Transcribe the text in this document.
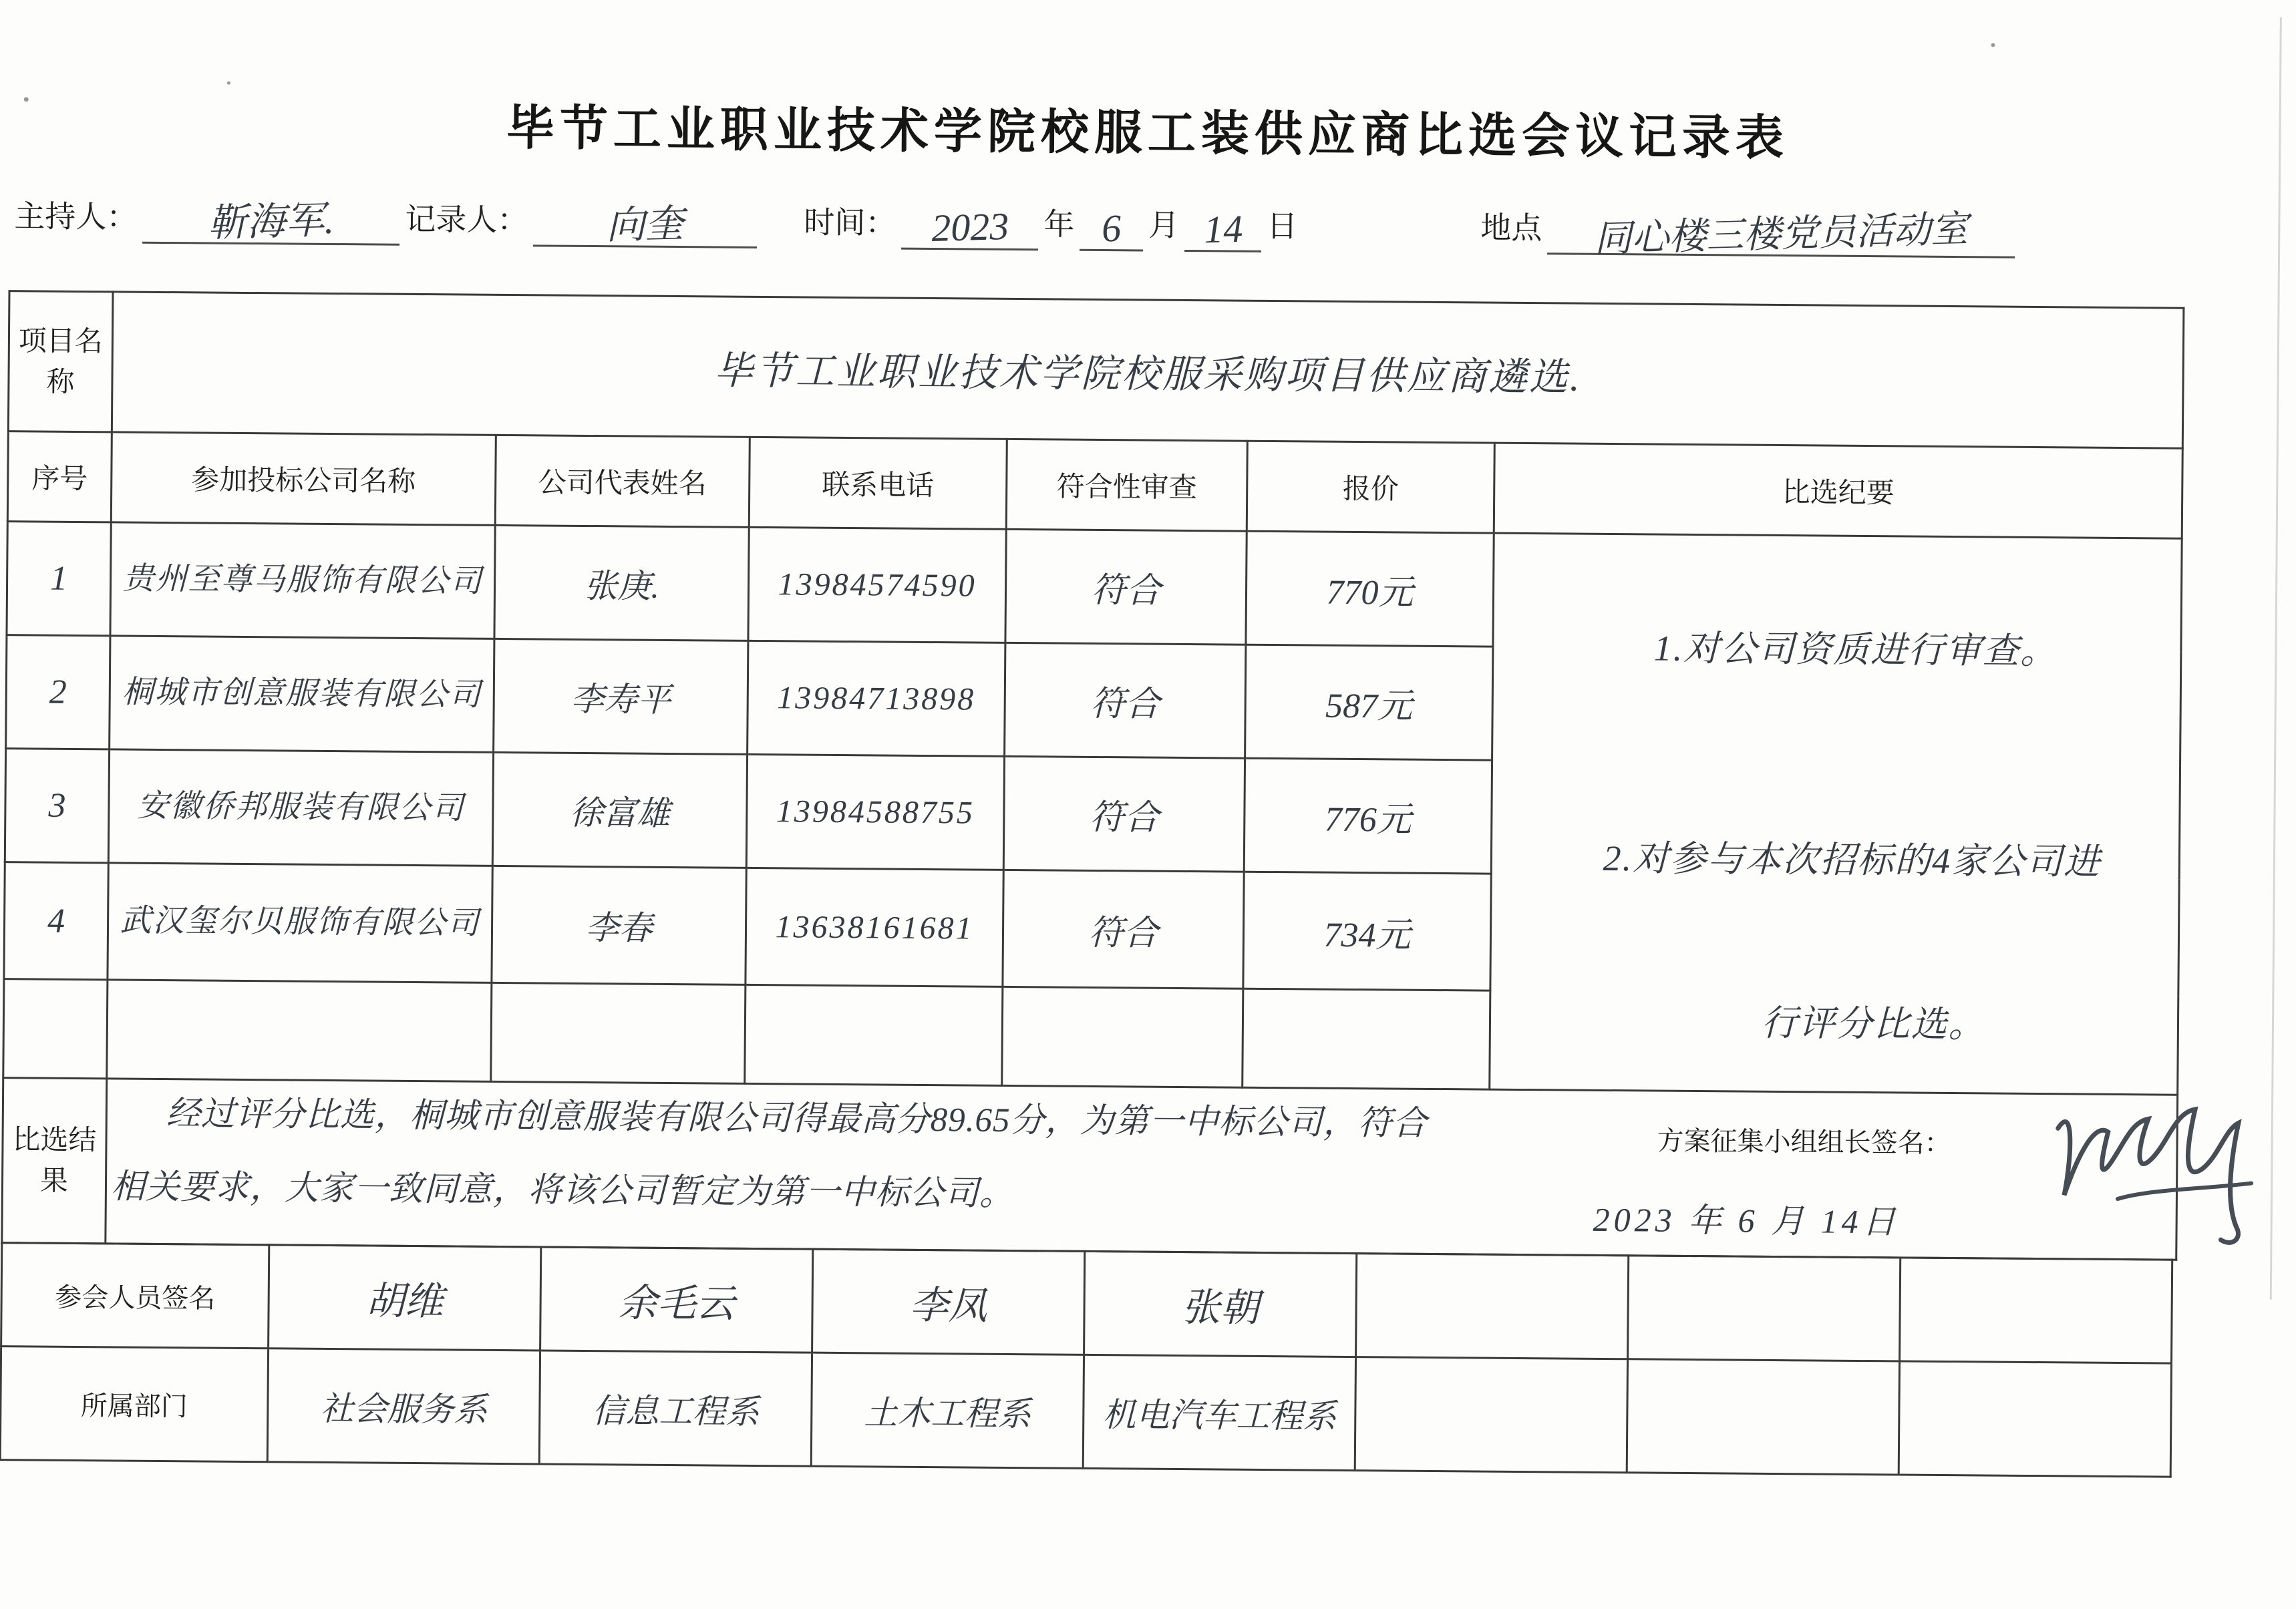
毕节工业职业技术学院校服工装供应商比选会议记录表
主持人： 靳海军. 记录人： 向奎	时间： 2023 年 6 月 14 日	地点 同心楼三楼党员活动室
项目名称	毕节工业职业技术学院校服采购项目供应商遴选.					
序号	参加投标公司名称	公司代表姓名	联系电话	符合性审查	报价	比选纪要
1	贵州至尊马服饰有限公司	张庚.	13984574590	符合	770元	1.对公司资质进行审查。
2.对参与本次招标的4家公司进
行评分比选。

2	桐城市创意服装有限公司	李寿平	13984713898	符合	587元	
3	安徽侨邦服装有限公司	徐富雄	13984588755	符合	776元	
4	武汉玺尔贝服饰有限公司	李春	13638161681	符合	734元	

比选结果	经过评分比选，桐城市创意服装有限公司得最高分89.65分，为第一中标公司，符合
相关要求，大家一致同意，将该公司暂定为第一中标公司。
方案征集小组组长签名：
2023 年 6 月 14日					
参会人员签名	胡维	余毛云	李凤	张朝			
所属部门	社会服务系	信息工程系	土木工程系	机电汽车工程系			
